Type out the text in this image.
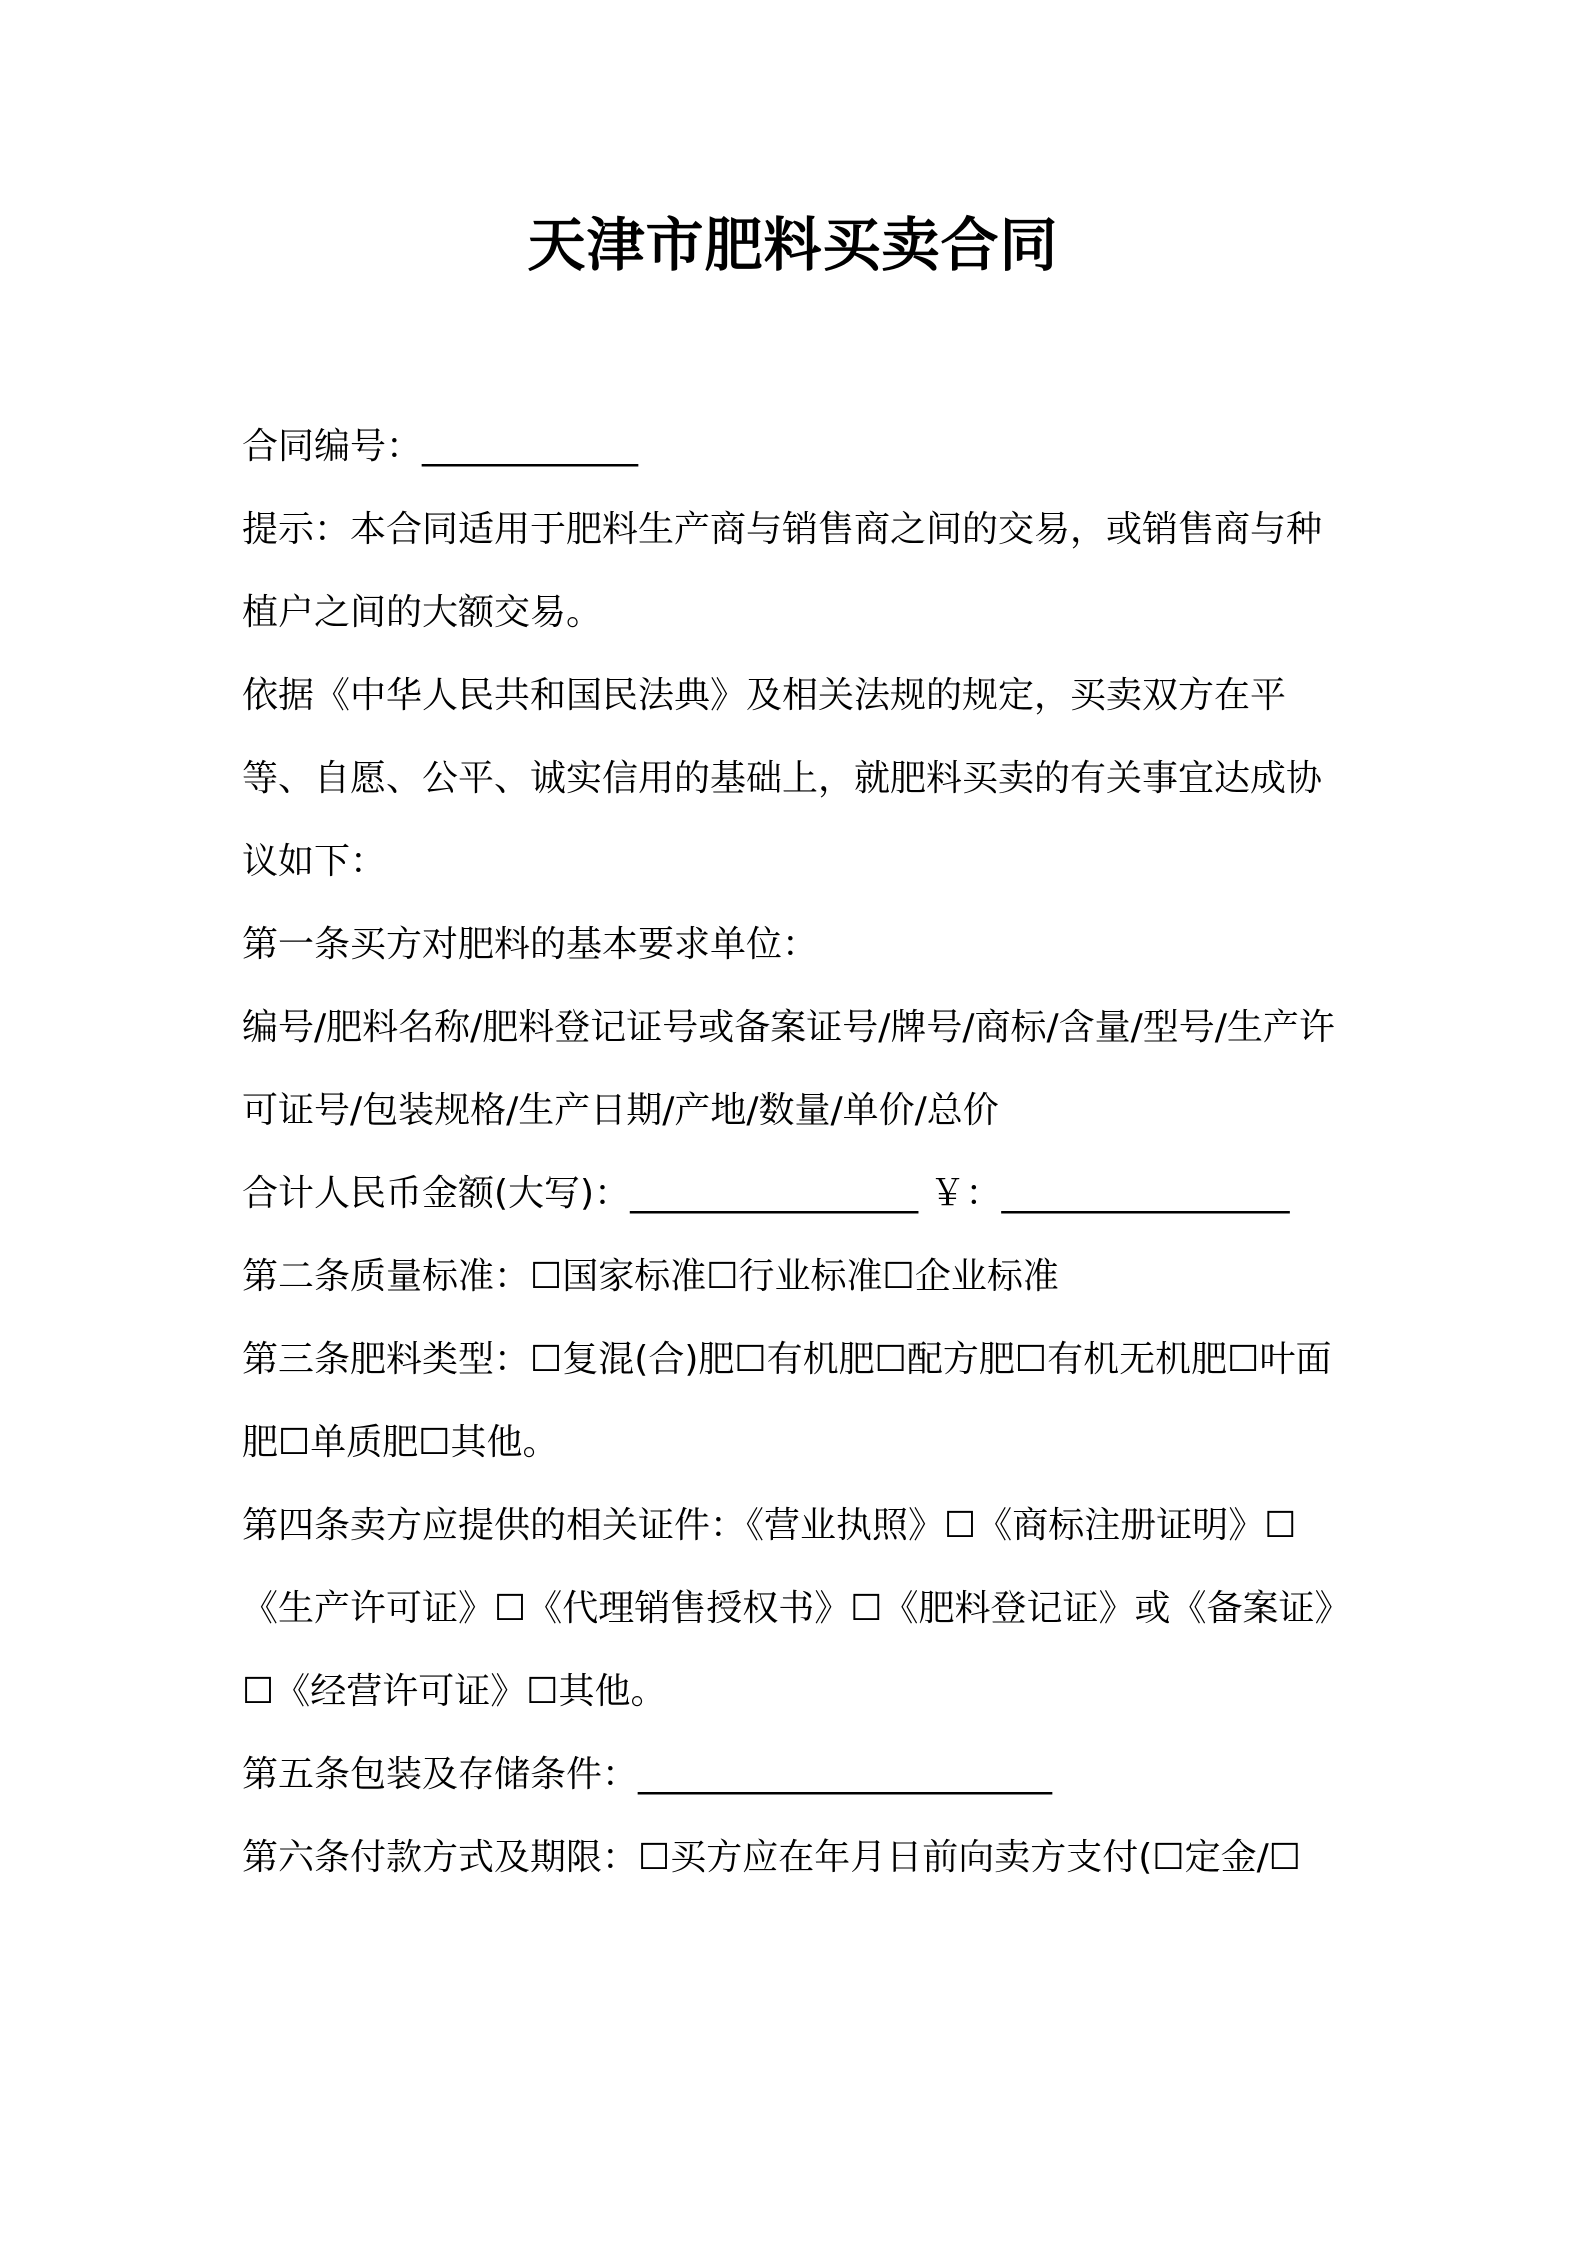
天津市肥料买卖合同

合同编号：____________

提示：本合同适用于肥料生产商与销售商之间的交易，或销售商与种植户之间的大额交易。

依据《中华人民共和国民法典》及相关法规的规定，买卖双方在平等、自愿、公平、诚实信用的基础上，就肥料买卖的有关事宜达成协议如下：

第一条买方对肥料的基本要求单位：

编号/肥料名称/肥料登记证号或备案证号/牌号/商标/含量/型号/生产许可证号/包装规格/生产日期/产地/数量/单价/总价

合计人民币金额(大写)：________________ ￥：________________

第二条质量标准：☐国家标准☐行业标准☐企业标准

第三条肥料类型：☐复混(合)肥☐有机肥☐配方肥☐有机无机肥☐叶面肥☐单质肥☐其他。

第四条卖方应提供的相关证件：《营业执照》☐《商标注册证明》☐《生产许可证》☐《代理销售授权书》☐《肥料登记证》或《备案证》☐《经营许可证》☐其他。

第五条包装及存储条件：_______________________

第六条付款方式及期限：☐买方应在年月日前向卖方支付(☐定金/☐
